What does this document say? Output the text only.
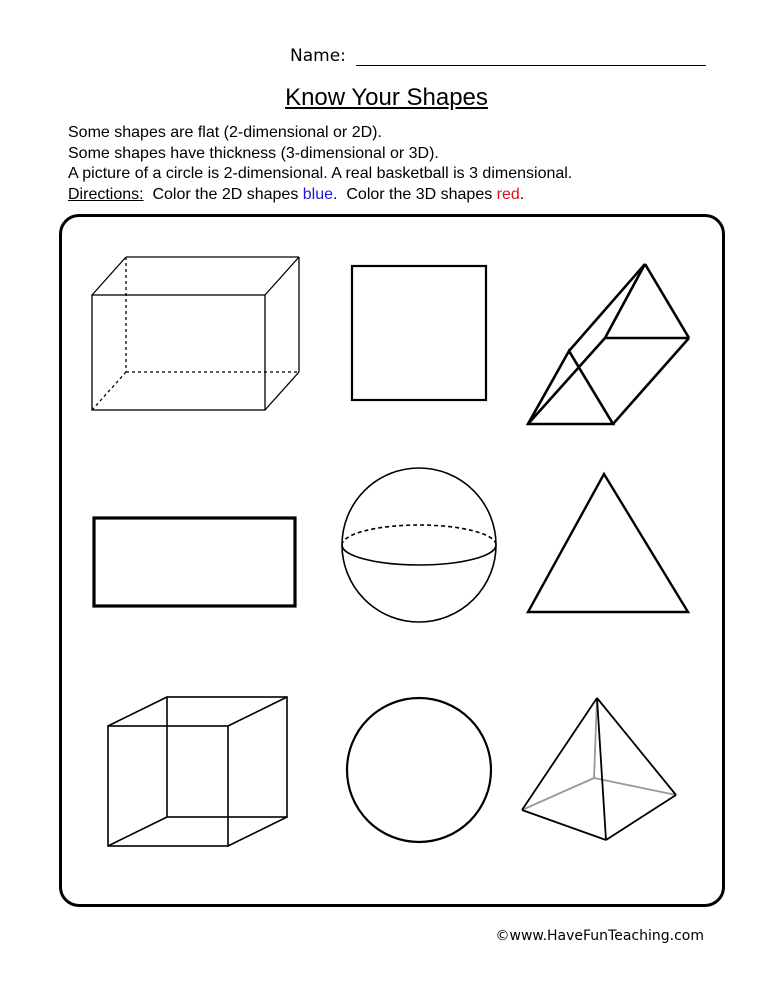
Name:
Know Your Shapes

Some shapes are flat (2-dimensional or 2D).

Some shapes have thickness (3-dimensional or 3D).

A picture of a circle is 2-dimensional. A real basketball is 3 dimensional.

Directions:  Color the 2D shapes blue.  Color the 3D shapes red.

©www.HaveFunTeaching.com
